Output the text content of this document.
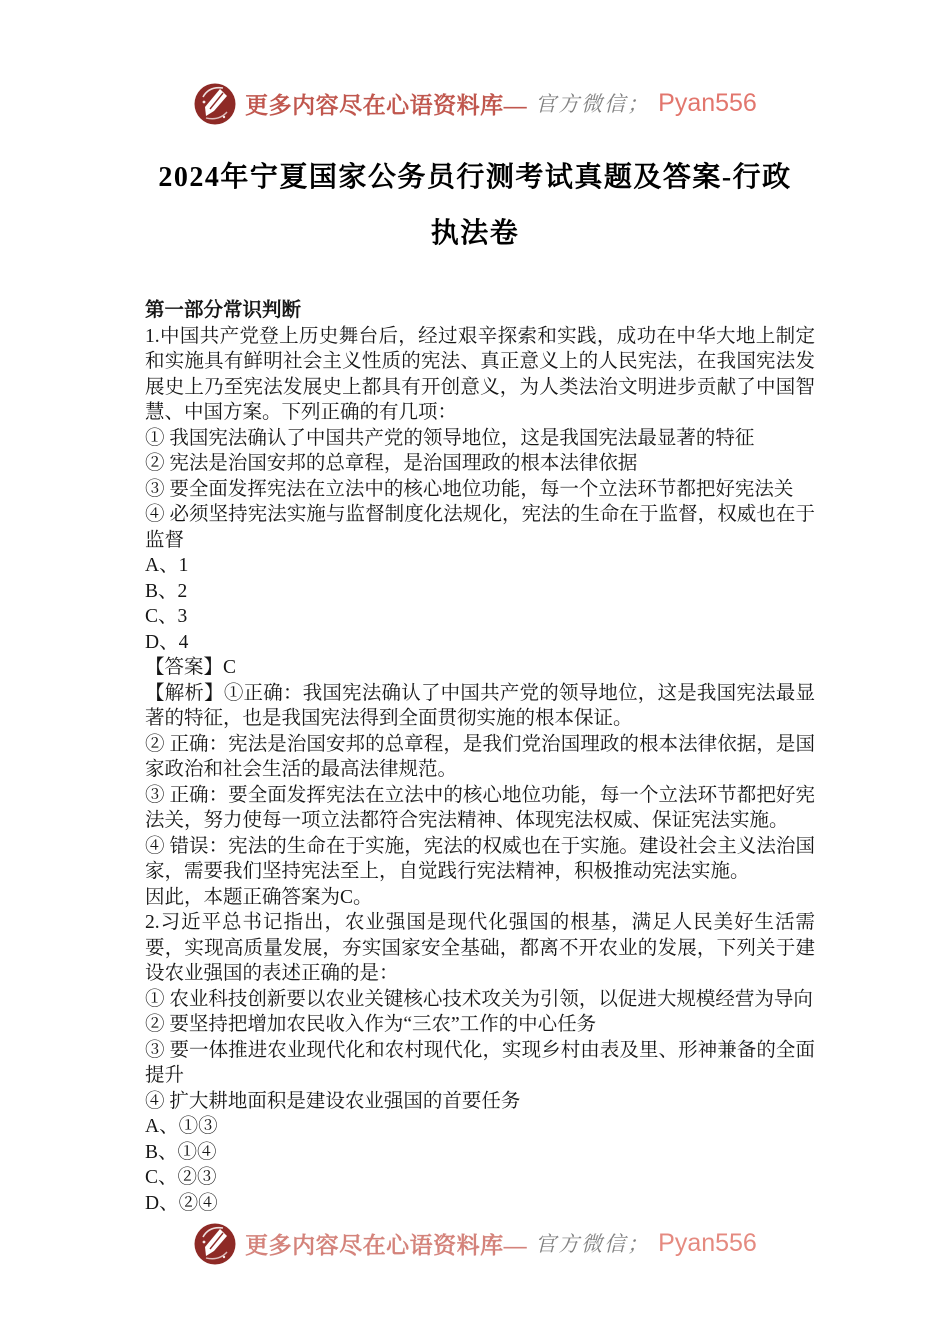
更多内容尽在心语资料库— 官方微信； Pyan556
2024年宁夏国家公务员行测考试真题及答案-行政
执法卷

第一部分常识判断

1.中国共产党登上历史舞台后，经过艰辛探索和实践，成功在中华大地上制定和实施具有鲜明社会主义性质的宪法、真正意义上的人民宪法，在我国宪法发展史上乃至宪法发展史上都具有开创意义，为人类法治文明进步贡献了中国智慧、中国方案。下列正确的有几项：

① 我国宪法确认了中国共产党的领导地位，这是我国宪法最显著的特征

② 宪法是治国安邦的总章程，是治国理政的根本法律依据

③ 要全面发挥宪法在立法中的核心地位功能，每一个立法环节都把好宪法关

④ 必须坚持宪法实施与监督制度化法规化，宪法的生命在于监督，权威也在于监督

A、1

B、2

C、3

D、4

【答案】C

【解析】①正确：我国宪法确认了中国共产党的领导地位，这是我国宪法最显著的特征，也是我国宪法得到全面贯彻实施的根本保证。

② 正确：宪法是治国安邦的总章程，是我们党治国理政的根本法律依据，是国家政治和社会生活的最高法律规范。

③ 正确：要全面发挥宪法在立法中的核心地位功能，每一个立法环节都把好宪法关，努力使每一项立法都符合宪法精神、体现宪法权威、保证宪法实施。

④ 错误：宪法的生命在于实施，宪法的权威也在于实施。建设社会主义法治国家，需要我们坚持宪法至上，自觉践行宪法精神，积极推动宪法实施。

因此，本题正确答案为C。

2.习近平总书记指出，农业强国是现代化强国的根基，满足人民美好生活需要，实现高质量发展，夯实国家安全基础，都离不开农业的发展，下列关于建设农业强国的表述正确的是：

① 农业科技创新要以农业关键核心技术攻关为引领，以促进大规模经营为导向

② 要坚持把增加农民收入作为“三农”工作的中心任务

③ 要一体推进农业现代化和农村现代化，实现乡村由表及里、形神兼备的全面提升

④ 扩大耕地面积是建设农业强国的首要任务

A、①③

B、①④

C、②③

D、②④

更多内容尽在心语资料库— 官方微信； Pyan556
